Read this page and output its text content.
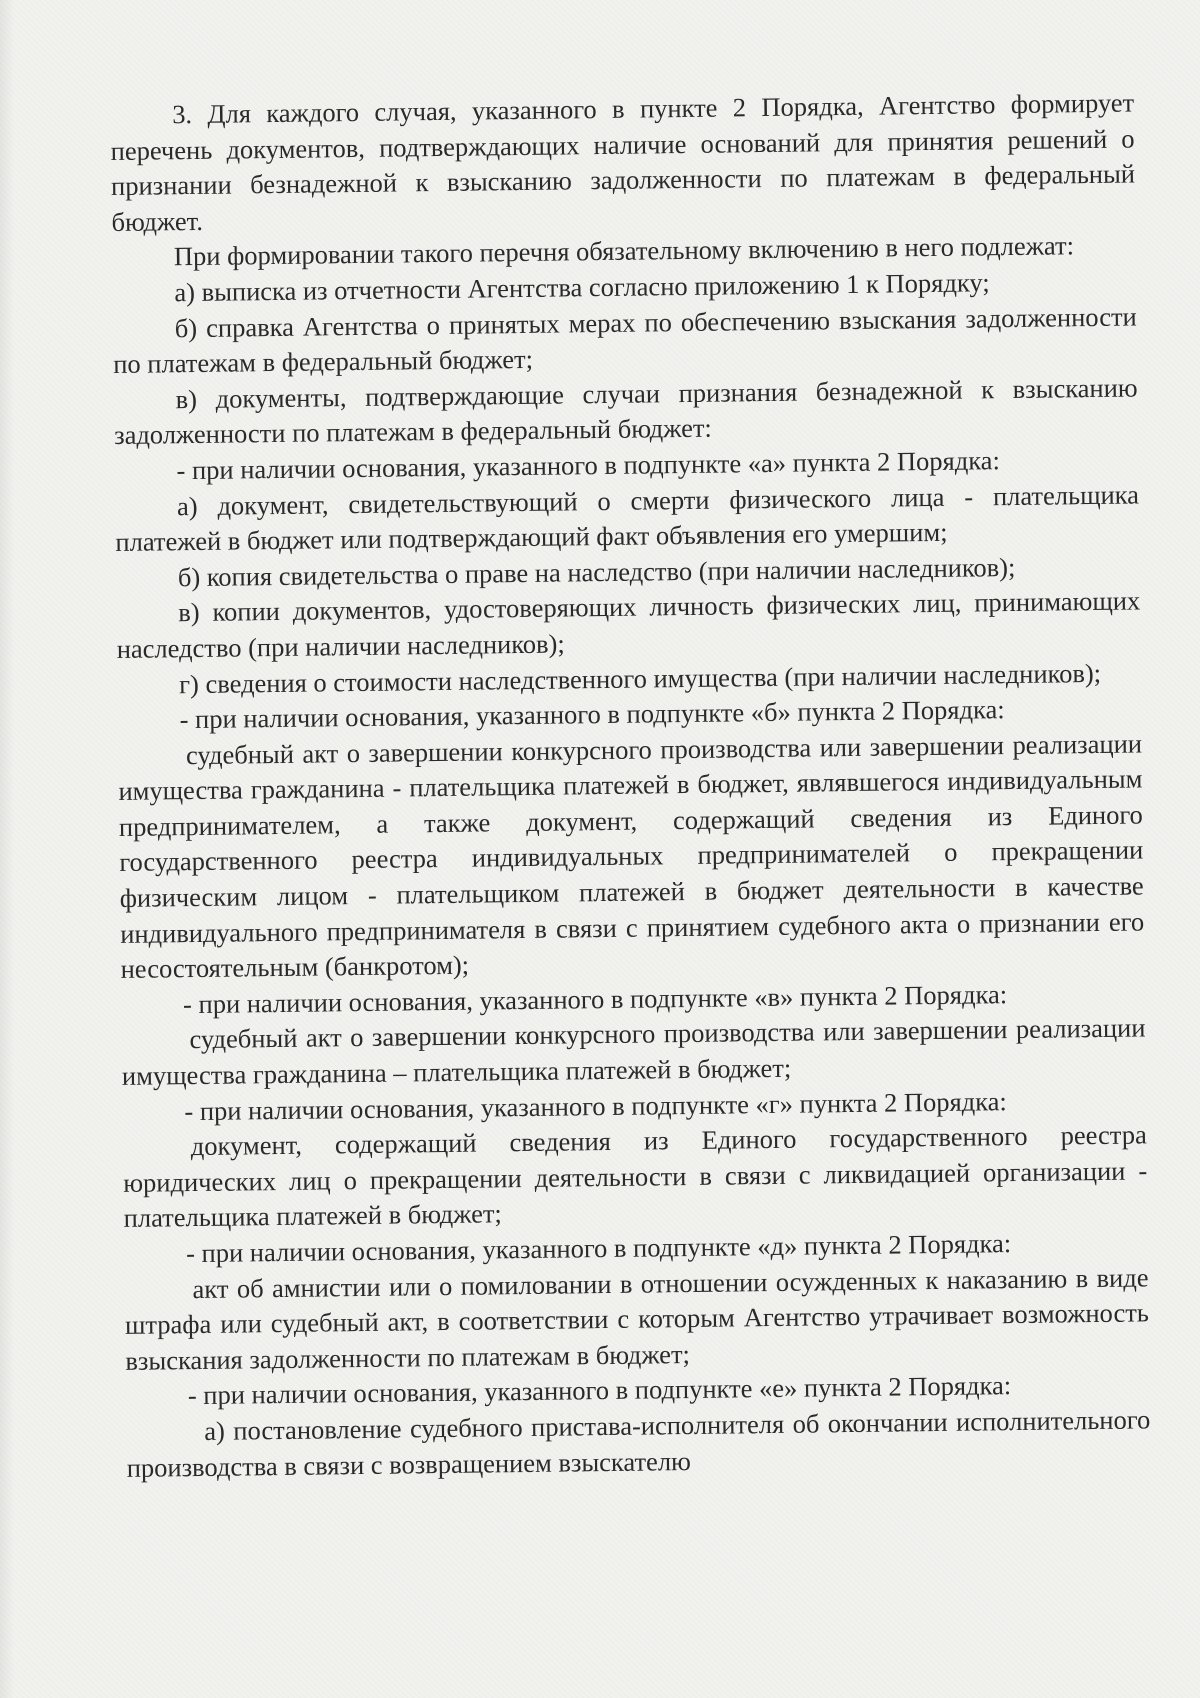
3. Для каждого случая, указанного в пункте 2 Порядка, Агентство формирует перечень документов, подтверждающих наличие оснований для принятия решений о признании безнадежной к взысканию задолженности по платежам в федеральный бюджет.

При формировании такого перечня обязательному включению в него подлежат:

а) выписка из отчетности Агентства согласно приложению 1 к Порядку;

б) справка Агентства о принятых мерах по обеспечению взыскания задолженности по платежам в федеральный бюджет;

в) документы, подтверждающие случаи признания безнадежной к взысканию задолженности по платежам в федеральный бюджет:

- при наличии основания, указанного в подпункте «а» пункта 2 Порядка:

а) документ, свидетельствующий о смерти физического лица - плательщика платежей в бюджет или подтверждающий факт объявления его умершим;

б) копия свидетельства о праве на наследство (при наличии наследников);

в) копии документов, удостоверяющих личность физических лиц, принимающих наследство (при наличии наследников);

г) сведения о стоимости наследственного имущества (при наличии наследников);

- при наличии основания, указанного в подпункте «б» пункта 2 Порядка:

судебный акт о завершении конкурсного производства или завершении реализации имущества гражданина - плательщика платежей в бюджет, являвшегося индивидуальным предпринимателем, а также документ, содержащий сведения из Единого государственного реестра индивидуальных предпринимателей о прекращении физическим лицом - плательщиком платежей в бюджет деятельности в качестве индивидуального предпринимателя в связи с принятием судебного акта о признании его несостоятельным (банкротом);

- при наличии основания, указанного в подпункте «в» пункта 2 Порядка:

судебный акт о завершении конкурсного производства или завершении реализации имущества гражданина – плательщика платежей в бюджет;

- при наличии основания, указанного в подпункте «г» пункта 2 Порядка:

документ, содержащий сведения из Единого государственного реестра юридических лиц о прекращении деятельности в связи с ликвидацией организации - плательщика платежей в бюджет;

- при наличии основания, указанного в подпункте «д» пункта 2 Порядка:

акт об амнистии или о помиловании в отношении осужденных к наказанию в виде штрафа или судебный акт, в соответствии с которым Агентство утрачивает возможность взыскания задолженности по платежам в бюджет;

- при наличии основания, указанного в подпункте «е» пункта 2 Порядка:

а) постановление судебного пристава-исполнителя об окончании исполнительного производства в связи с возвращением взыскателю
